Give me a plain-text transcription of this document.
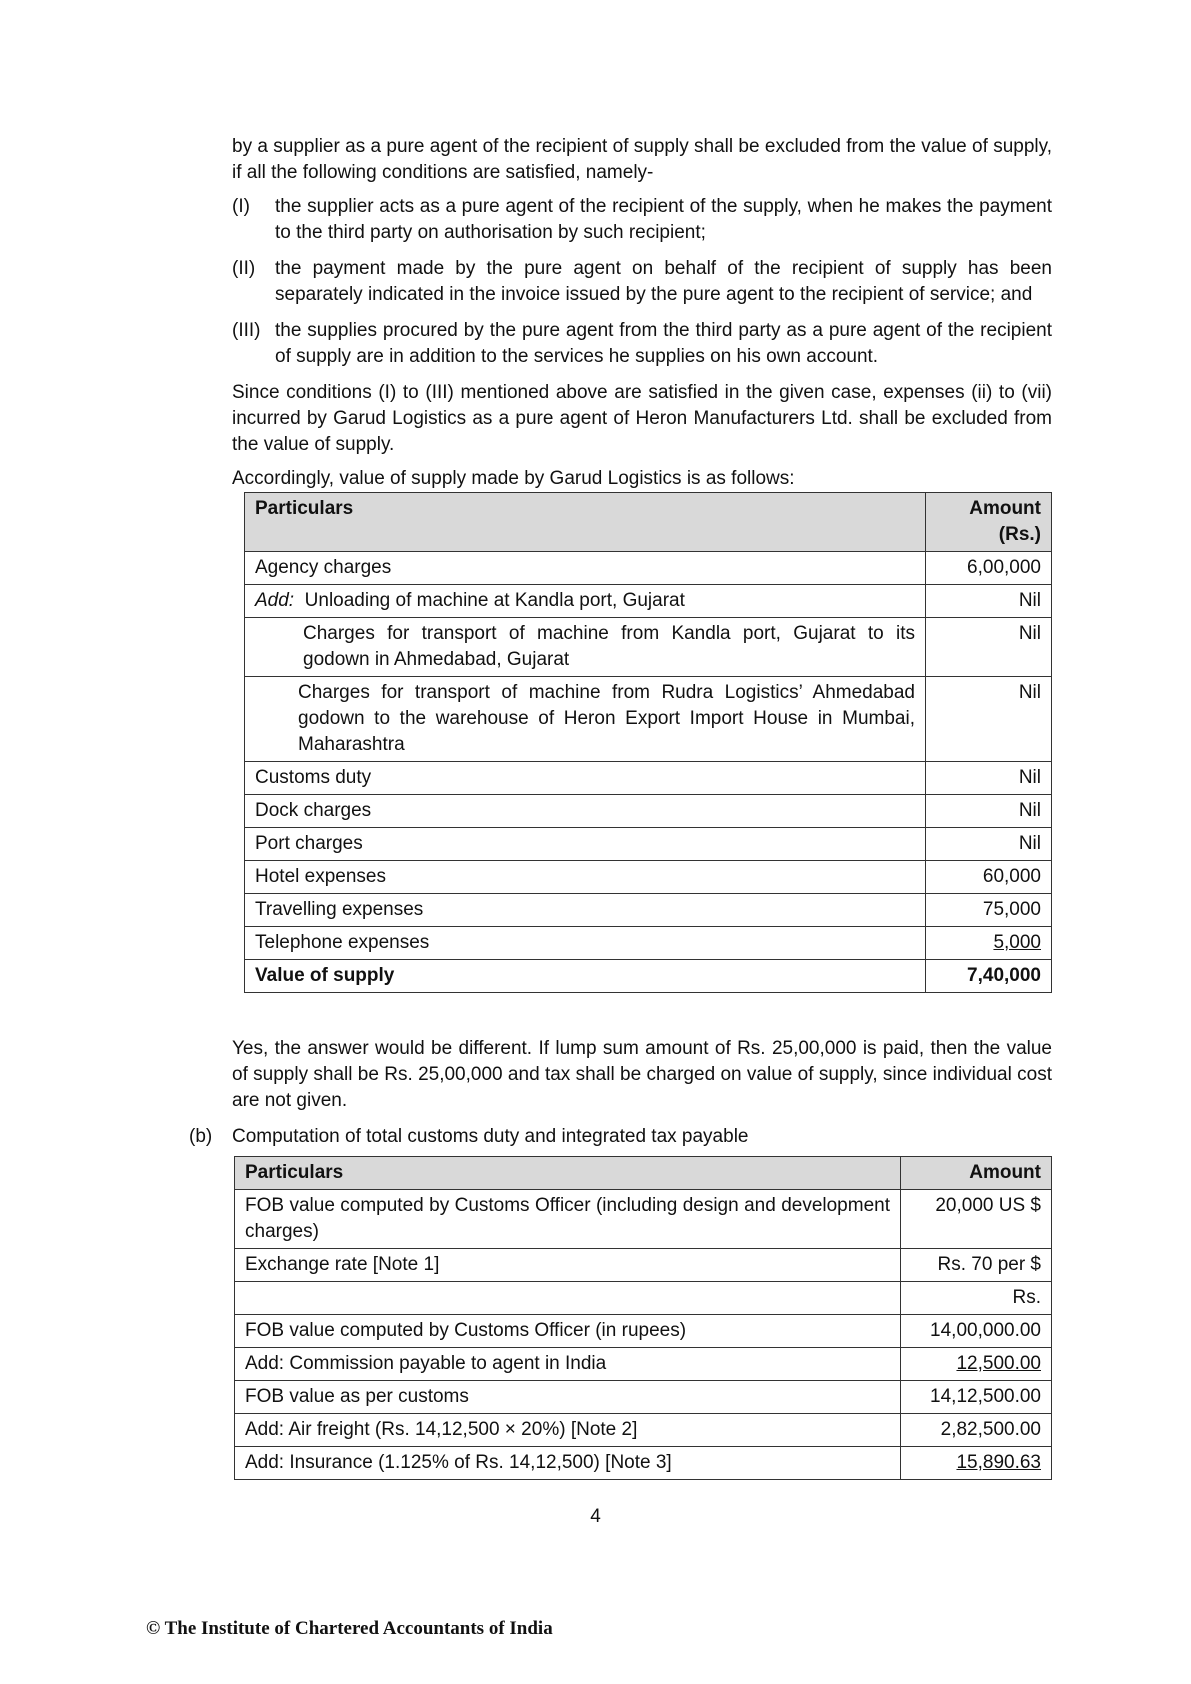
by a supplier as a pure agent of the recipient of supply shall be excluded from the value of supply, if all the following conditions are satisfied, namely-

(I) the supplier acts as a pure agent of the recipient of the supply, when he makes the payment to the third party on authorisation by such recipient;
(II) the payment made by the pure agent on behalf of the recipient of supply has been separately indicated in the invoice issued by the pure agent to the recipient of service; and
(III) the supplies procured by the pure agent from the third party as a pure agent of the recipient of supply are in addition to the services he supplies on his own account.

Since conditions (I) to (III) mentioned above are satisfied in the given case, expenses (ii) to (vii) incurred by Garud Logistics as a pure agent of Heron Manufacturers Ltd. shall be excluded from the value of supply.

Accordingly, value of supply made by Garud Logistics is as follows:

Particulars	Amount (Rs.)
Agency charges	6,00,000
Add: Unloading of machine at Kandla port, Gujarat	Nil
Charges for transport of machine from Kandla port, Gujarat to its godown in Ahmedabad, Gujarat	Nil
Charges for transport of machine from Rudra Logistics’ Ahmedabad godown to the warehouse of Heron Export Import House in Mumbai, Maharashtra	Nil
Customs duty	Nil
Dock charges	Nil
Port charges	Nil
Hotel expenses	60,000
Travelling expenses	75,000
Telephone expenses	5,000
Value of supply	7,40,000

Yes, the answer would be different. If lump sum amount of Rs. 25,00,000 is paid, then the value of supply shall be Rs. 25,00,000 and tax shall be charged on value of supply, since individual cost are not given.

(b) Computation of total customs duty and integrated tax payable

Particulars	Amount
FOB value computed by Customs Officer (including design and development charges)	20,000 US $
Exchange rate [Note 1]	Rs. 70 per $
	Rs.
FOB value computed by Customs Officer (in rupees)	14,00,000.00
Add: Commission payable to agent in India	12,500.00
FOB value as per customs	14,12,500.00
Add: Air freight (Rs. 14,12,500 × 20%) [Note 2]	2,82,500.00
Add: Insurance (1.125% of Rs. 14,12,500) [Note 3]	15,890.63
4
© The Institute of Chartered Accountants of India
